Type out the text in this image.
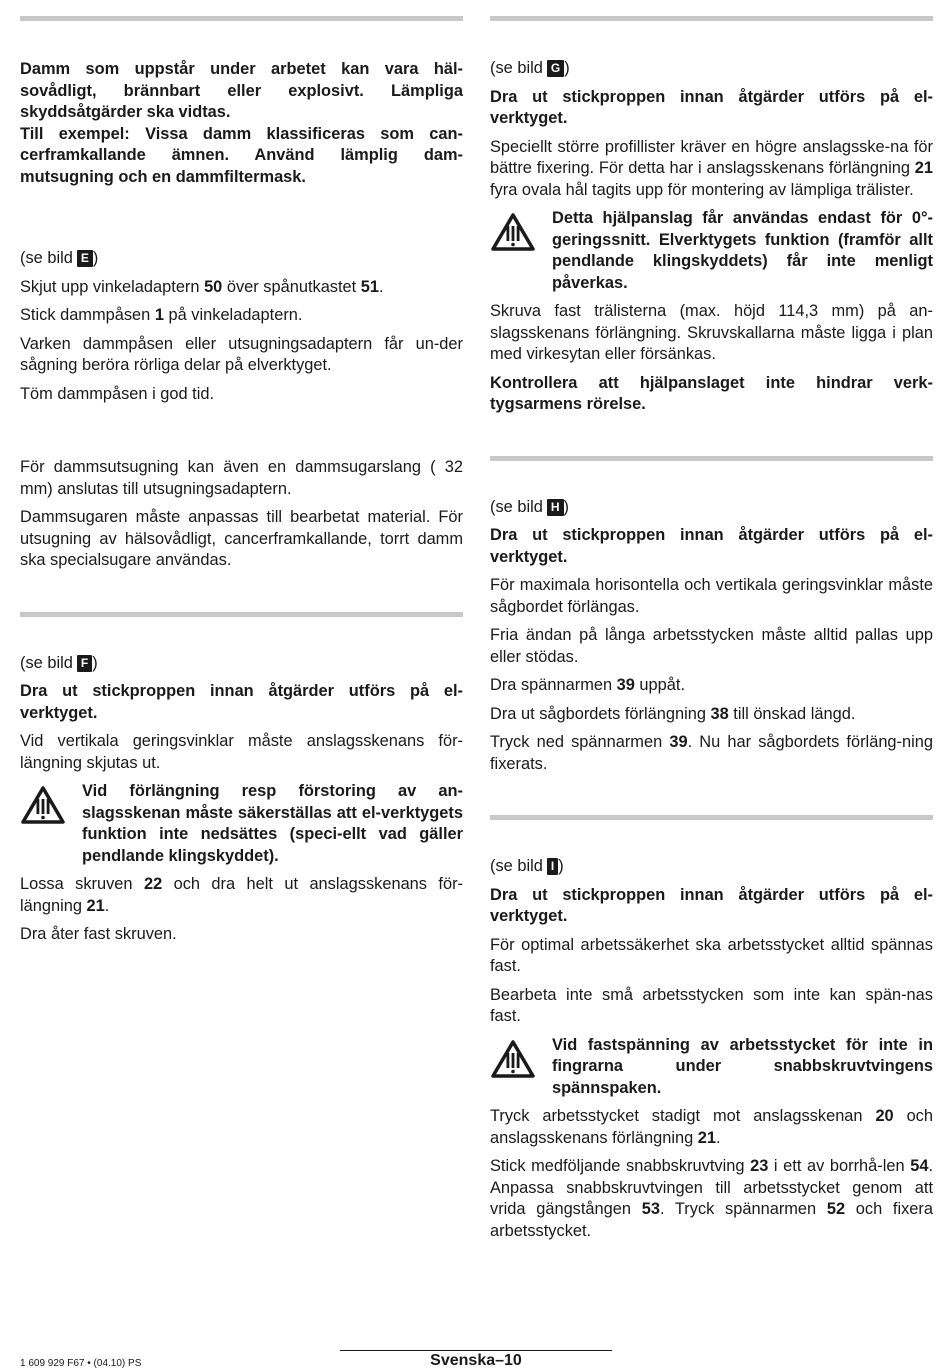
Damm som uppstår under arbetet kan vara häl-sovådligt, brännbart eller explosivt. Lämpliga skyddsåtgärder ska vidtas.

Till exempel: Vissa damm klassificeras som can-cerframkallande ämnen. Använd lämplig dam-mutsugning och en dammfiltermask.

(se bild E )

Skjut upp vinkeladaptern 50 över spånutkastet 51.

Stick dammpåsen 1 på vinkeladaptern.

Varken dammpåsen eller utsugningsadaptern får un-der sågning beröra rörliga delar på elverktyget.

Töm dammpåsen i god tid.

För dammsutsugning kan även en dammsugarslang ( 32 mm) anslutas till utsugningsadaptern.

Dammsugaren måste anpassas till bearbetat material. För utsugning av hälsovådligt, cancerframkallande, torrt damm ska specialsugare användas.

(se bild F )

Dra ut stickproppen innan åtgärder utförs på el-verktyget.

Vid vertikala geringsvinklar måste anslagsskenans för-längning skjutas ut.

Vid förlängning resp förstoring av an-slagsskenan måste säkerställas att el-verktygets funktion inte nedsättes (speci-ellt vad gäller pendlande klingskyddet).

Lossa skruven 22 och dra helt ut anslagsskenans för-längning 21.

Dra åter fast skruven.

(se bild G )

Dra ut stickproppen innan åtgärder utförs på el-verktyget.

Speciellt större profillister kräver en högre anslagsske-na för bättre fixering. För detta har i anslagsskenans förlängning 21 fyra ovala hål tagits upp för montering av lämpliga trälister.

Detta hjälpanslag får användas endast för 0°-geringssnitt. Elverktygets funktion (framför allt pendlande klingskyddets) får inte menligt påverkas.

Skruva fast trälisterna (max. höjd 114,3 mm) på an-slagsskenans förlängning. Skruvskallarna måste ligga i plan med virkesytan eller försänkas.

Kontrollera att hjälpanslaget inte hindrar verk-tygsarmens rörelse.

(se bild H )

Dra ut stickproppen innan åtgärder utförs på el-verktyget.

För maximala horisontella och vertikala geringsvinklar måste sågbordet förlängas.

Fria ändan på långa arbetsstycken måste alltid pallas upp eller stödas.

Dra spännarmen 39 uppåt.

Dra ut sågbordets förlängning 38 till önskad längd.

Tryck ned spännarmen 39. Nu har sågbordets förläng-ning fixerats.

(se bild I )

Dra ut stickproppen innan åtgärder utförs på el-verktyget.

För optimal arbetssäkerhet ska arbetsstycket alltid spännas fast.

Bearbeta inte små arbetsstycken som inte kan spän-nas fast.

Vid fastspänning av arbetsstycket för inte in fingrarna under snabbskruvtvingens spännspaken.

Tryck arbetsstycket stadigt mot anslagsskenan 20 och anslagsskenans förlängning 21.

Stick medföljande snabbskruvtving 23 i ett av borrhå-len 54. Anpassa snabbskruvtvingen till arbetsstycket genom att vrida gängstången 53. Tryck spännarmen 52 och fixera arbetsstycket.

1 609 929 F67 • (04.10) PS	Svenska–10
